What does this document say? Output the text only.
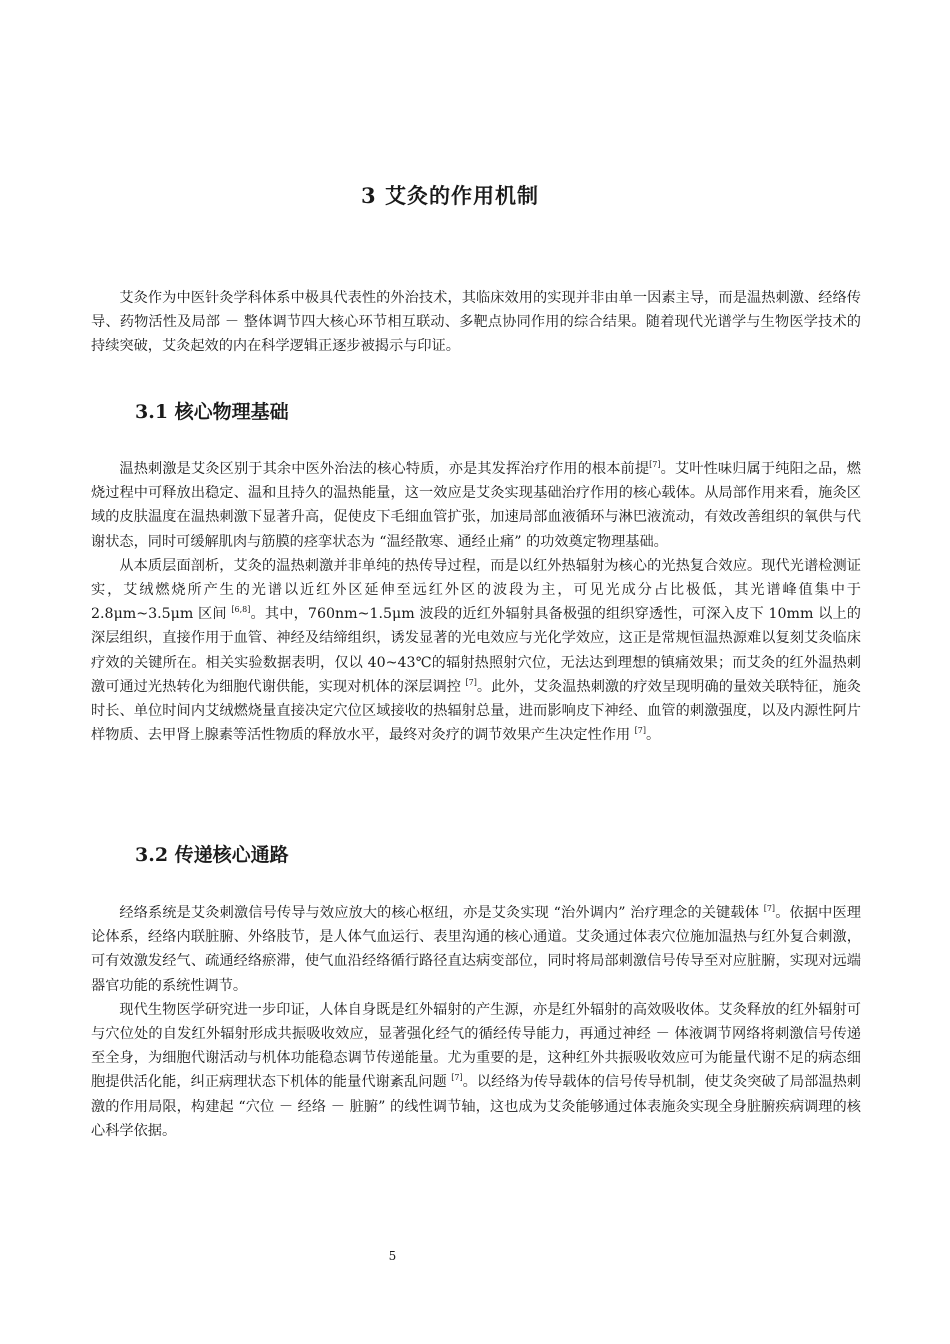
3 艾灸的作用机制

艾灸作为中医针灸学科体系中极具代表性的外治技术，其临床效用的实现并非由单一因素主导，而是温热刺激、经络传导、药物活性及局部 － 整体调节四大核心环节相互联动、多靶点协同作用的综合结果。随着现代光谱学与生物医学技术的持续突破，艾灸起效的内在科学逻辑正逐步被揭示与印证。

3.1 核心物理基础

温热刺激是艾灸区别于其余中医外治法的核心特质，亦是其发挥治疗作用的根本前提[7]。艾叶性味归属于纯阳之品，燃烧过程中可释放出稳定、温和且持久的温热能量，这一效应是艾灸实现基础治疗作用的核心载体。从局部作用来看，施灸区域的皮肤温度在温热刺激下显著升高，促使皮下毛细血管扩张，加速局部血液循环与淋巴液流动，有效改善组织的氧供与代谢状态，同时可缓解肌肉与筋膜的痉挛状态为 “温经散寒、通经止痛” 的功效奠定物理基础。

从本质层面剖析，艾灸的温热刺激并非单纯的热传导过程，而是以红外热辐射为核心的光热复合效应。现代光谱检测证实，艾绒燃烧所产生的光谱以近红外区延伸至远红外区的波段为主，可见光成分占比极低，其光谱峰值集中于 2.8μm~3.5μm 区间 [6,8]。其中，760nm~1.5μm 波段的近红外辐射具备极强的组织穿透性，可深入皮下 10mm 以上的深层组织，直接作用于血管、神经及结缔组织，诱发显著的光电效应与光化学效应，这正是常规恒温热源难以复刻艾灸临床疗效的关键所在。相关实验数据表明，仅以 40~43℃的辐射热照射穴位，无法达到理想的镇痛效果；而艾灸的红外温热刺激可通过光热转化为细胞代谢供能，实现对机体的深层调控 [7]。此外，艾灸温热刺激的疗效呈现明确的量效关联特征，施灸时长、单位时间内艾绒燃烧量直接决定穴位区域接收的热辐射总量，进而影响皮下神经、血管的刺激强度，以及内源性阿片样物质、去甲肾上腺素等活性物质的释放水平，最终对灸疗的调节效果产生决定性作用 [7]。

3.2 传递核心通路

经络系统是艾灸刺激信号传导与效应放大的核心枢纽，亦是艾灸实现 “治外调内” 治疗理念的关键载体 [7]。依据中医理论体系，经络内联脏腑、外络肢节，是人体气血运行、表里沟通的核心通道。艾灸通过体表穴位施加温热与红外复合刺激，可有效激发经气、疏通经络瘀滞，使气血沿经络循行路径直达病变部位，同时将局部刺激信号传导至对应脏腑，实现对远端器官功能的系统性调节。

现代生物医学研究进一步印证，人体自身既是红外辐射的产生源，亦是红外辐射的高效吸收体。艾灸释放的红外辐射可与穴位处的自发红外辐射形成共振吸收效应，显著强化经气的循经传导能力，再通过神经 － 体液调节网络将刺激信号传递至全身，为细胞代谢活动与机体功能稳态调节传递能量。尤为重要的是，这种红外共振吸收效应可为能量代谢不足的病态细胞提供活化能，纠正病理状态下机体的能量代谢紊乱问题 [7]。以经络为传导载体的信号传导机制，使艾灸突破了局部温热刺激的作用局限，构建起 “穴位 － 经络 － 脏腑” 的线性调节轴，这也成为艾灸能够通过体表施灸实现全身脏腑疾病调理的核心科学依据。

5
